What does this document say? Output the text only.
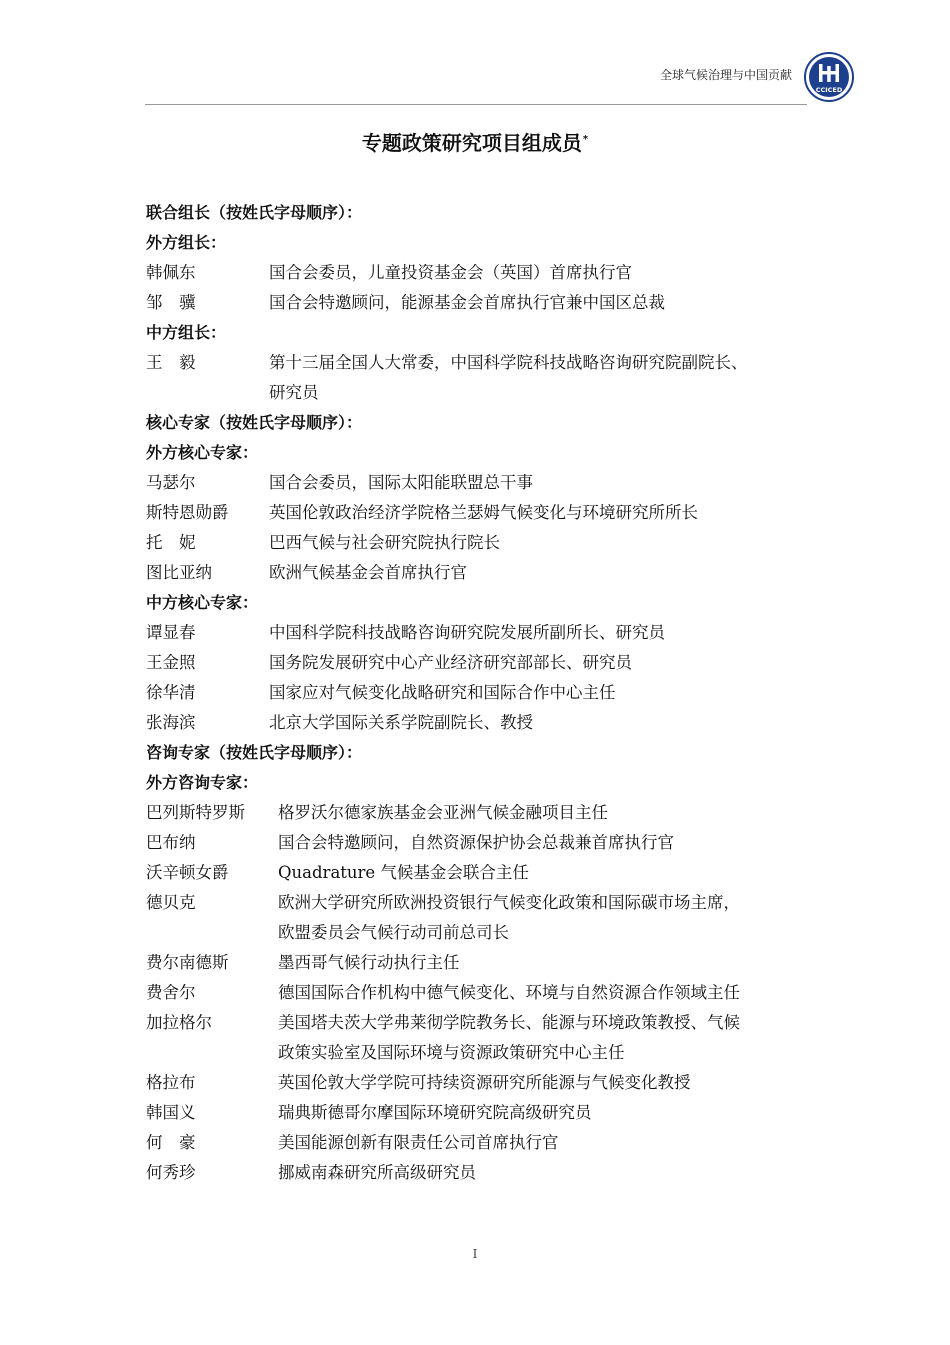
全球气候治理与中国贡献
CCICED
专题政策研究项目组成员*
联合组长（按姓氏字母顺序）：
外方组长：
韩佩东	国合会委员，儿童投资基金会（英国）首席执行官
邹　骥	国合会特邀顾问，能源基金会首席执行官兼中国区总裁
中方组长：
王　毅	第十三届全国人大常委，中国科学院科技战略咨询研究院副院长、
研究员
核心专家（按姓氏字母顺序）：
外方核心专家：
马瑟尔	国合会委员，国际太阳能联盟总干事
斯特恩勋爵	英国伦敦政治经济学院格兰瑟姆气候变化与环境研究所所长
托　妮	巴西气候与社会研究院执行院长
图比亚纳	欧洲气候基金会首席执行官
中方核心专家：
谭显春	中国科学院科技战略咨询研究院发展所副所长、研究员
王金照	国务院发展研究中心产业经济研究部部长、研究员
徐华清	国家应对气候变化战略研究和国际合作中心主任
张海滨	北京大学国际关系学院副院长、教授
咨询专家（按姓氏字母顺序）：
外方咨询专家：
巴列斯特罗斯	格罗沃尔德家族基金会亚洲气候金融项目主任
巴布纳	国合会特邀顾问，自然资源保护协会总裁兼首席执行官
沃辛顿女爵	Quadrature 气候基金会联合主任
德贝克	欧洲大学研究所欧洲投资银行气候变化政策和国际碳市场主席，
欧盟委员会气候行动司前总司长
费尔南德斯	墨西哥气候行动执行主任
费舍尔	德国国际合作机构中德气候变化、环境与自然资源合作领域主任
加拉格尔	美国塔夫茨大学弗莱彻学院教务长、能源与环境政策教授、气候
政策实验室及国际环境与资源政策研究中心主任
格拉布	英国伦敦大学学院可持续资源研究所能源与气候变化教授
韩国义	瑞典斯德哥尔摩国际环境研究院高级研究员
何　豪	美国能源创新有限责任公司首席执行官
何秀珍	挪威南森研究所高级研究员
I
